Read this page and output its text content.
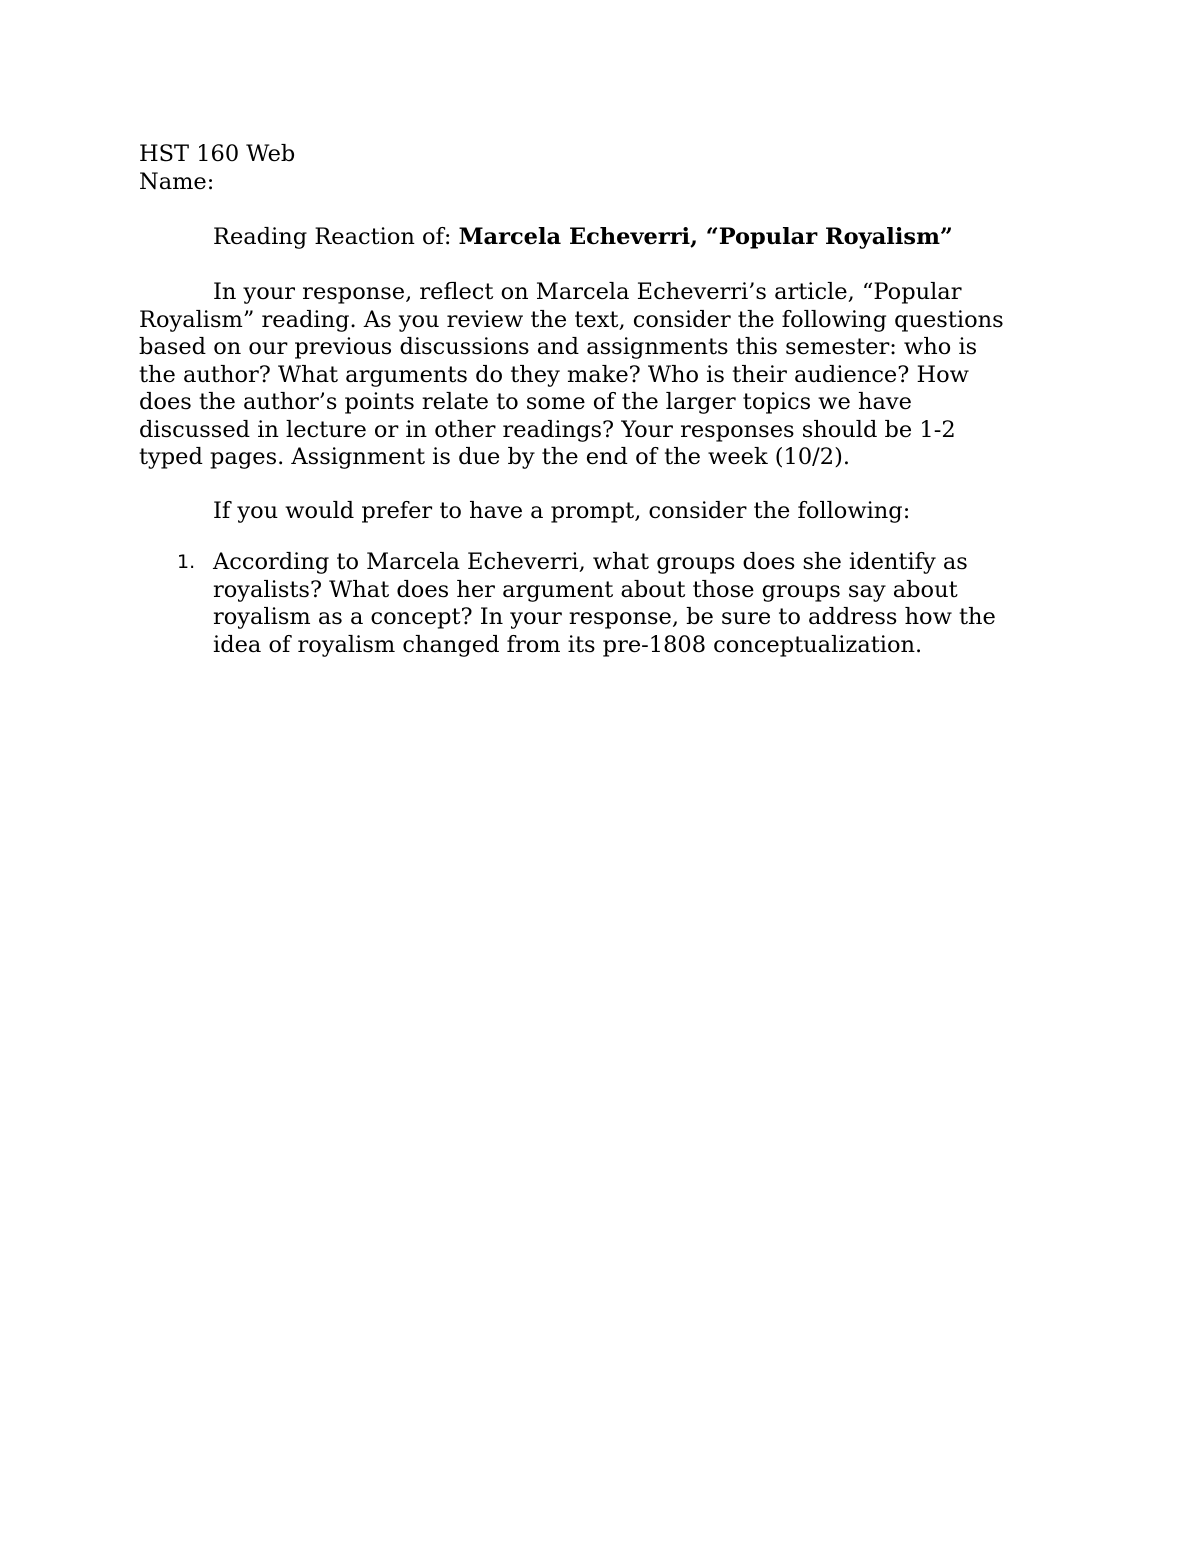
HST 160 Web
Name:
Reading Reaction of: Marcela Echeverri, “Popular Royalism”
In your response, reflect on Marcela Echeverri’s article, “Popular
Royalism” reading. As you review the text, consider the following questions
based on our previous discussions and assignments this semester: who is
the author? What arguments do they make? Who is their audience? How
does the author’s points relate to some of the larger topics we have
discussed in lecture or in other readings? Your responses should be 1-2
typed pages. Assignment is due by the end of the week (10/2).
If you would prefer to have a prompt, consider the following:
1. According to Marcela Echeverri, what groups does she identify as
royalists? What does her argument about those groups say about
royalism as a concept? In your response, be sure to address how the
idea of royalism changed from its pre-1808 conceptualization.
